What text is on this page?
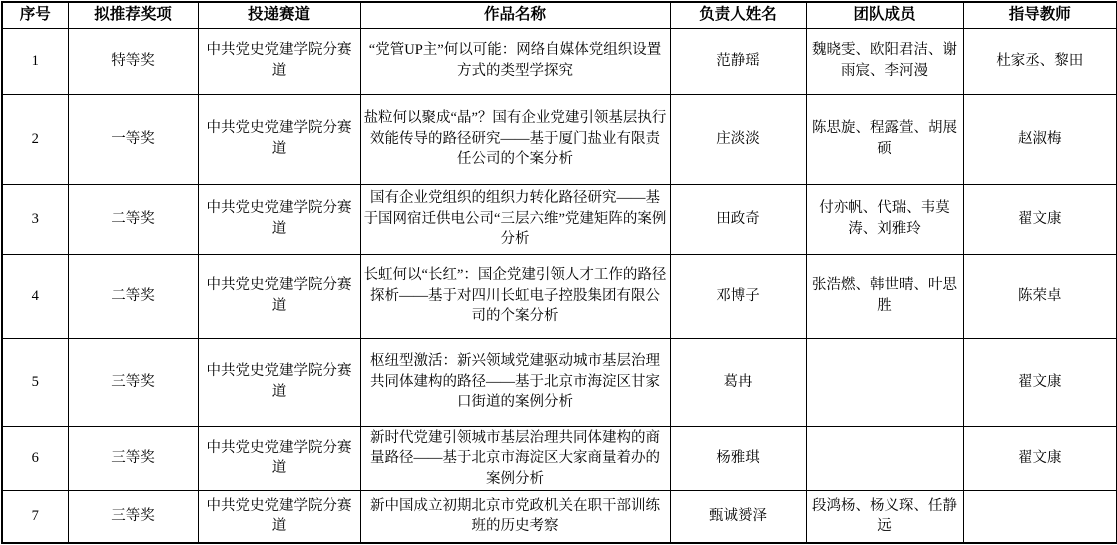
序号	拟推荐奖项	投递赛道	作品名称	负责人姓名	团队成员	指导教师
1	特等奖	中共党史党建学院分赛道	“党管UP主”何以可能：网络自媒体党组织设置方式的类型学探究	范静瑶	魏晓雯、欧阳君洁、谢雨宸、李河漫	杜家丞、黎田
2	一等奖	中共党史党建学院分赛道	盐粒何以聚成“晶”？国有企业党建引领基层执行效能传导的路径研究——基于厦门盐业有限责任公司的个案分析	庄淡淡	陈思旋、程露萱、胡展硕	赵淑梅
3	二等奖	中共党史党建学院分赛道	国有企业党组织的组织力转化路径研究——基于国网宿迁供电公司“三层六维”党建矩阵的案例分析	田政奇	付亦帆、代瑞、韦莫涛、刘雅玲	翟文康
4	二等奖	中共党史党建学院分赛道	长虹何以“长红”：国企党建引领人才工作的路径探析——基于对四川长虹电子控股集团有限公司的个案分析	邓博子	张浩燃、韩世晴、叶思胜	陈荣卓
5	三等奖	中共党史党建学院分赛道	枢纽型激活：新兴领域党建驱动城市基层治理共同体建构的路径——基于北京市海淀区甘家口街道的案例分析	葛冉		翟文康
6	三等奖	中共党史党建学院分赛道	新时代党建引领城市基层治理共同体建构的商量路径——基于北京市海淀区大家商量着办的案例分析	杨雅琪		翟文康
7	三等奖	中共党史党建学院分赛道	新中国成立初期北京市党政机关在职干部训练班的历史考察	甄诚赟泽	段鸿杨、杨义琛、任静远	
